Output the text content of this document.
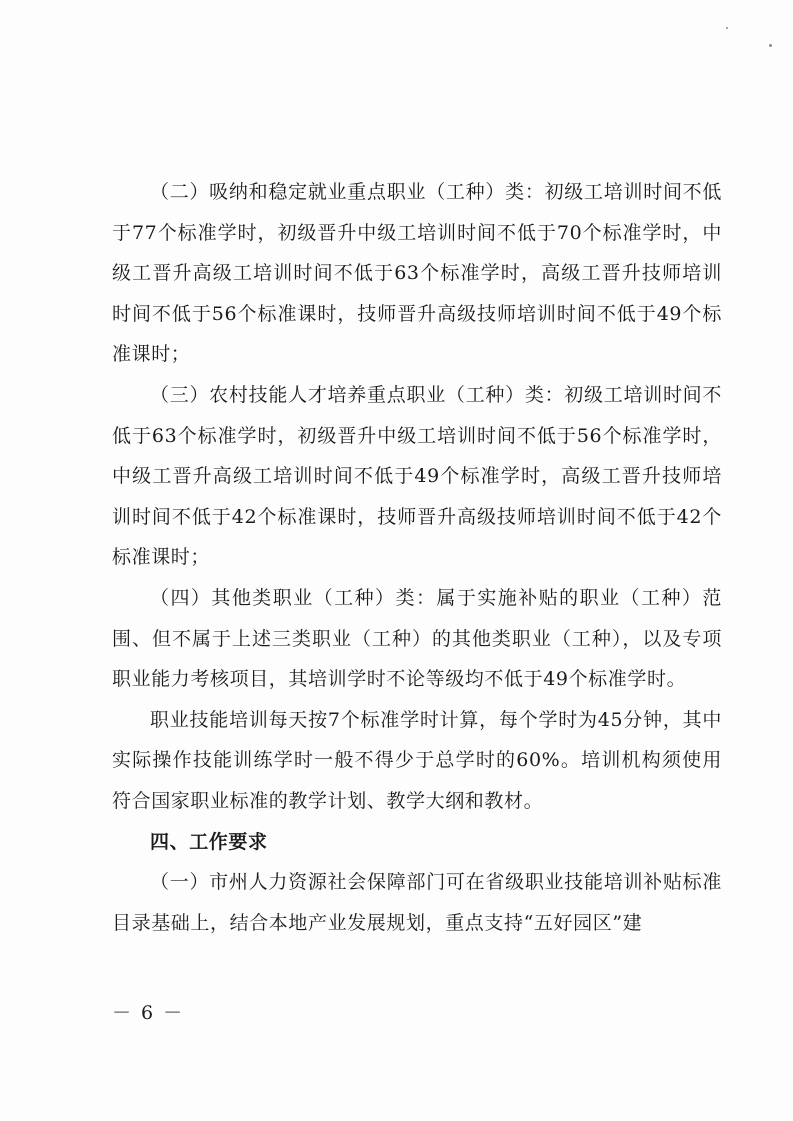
（二）吸纳和稳定就业重点职业（工种）类：初级工培训时间不低于77个标准学时，初级晋升中级工培训时间不低于70个标准学时，中级工晋升高级工培训时间不低于63个标准学时，高级工晋升技师培训时间不低于56个标准课时，技师晋升高级技师培训时间不低于49个标准课时；

（三）农村技能人才培养重点职业（工种）类：初级工培训时间不低于63个标准学时，初级晋升中级工培训时间不低于56个标准学时，中级工晋升高级工培训时间不低于49个标准学时，高级工晋升技师培训时间不低于42个标准课时，技师晋升高级技师培训时间不低于42个标准课时；

（四）其他类职业（工种）类：属于实施补贴的职业（工种）范围、但不属于上述三类职业（工种）的其他类职业（工种），以及专项职业能力考核项目，其培训学时不论等级均不低于49个标准学时。

职业技能培训每天按7个标准学时计算，每个学时为45分钟，其中实际操作技能训练学时一般不得少于总学时的60%。培训机构须使用符合国家职业标准的教学计划、教学大纲和教材。

四、工作要求

（一）市州人力资源社会保障部门可在省级职业技能培训补贴标准目录基础上，结合本地产业发展规划，重点支持“五好园区”建

－ 6 －
